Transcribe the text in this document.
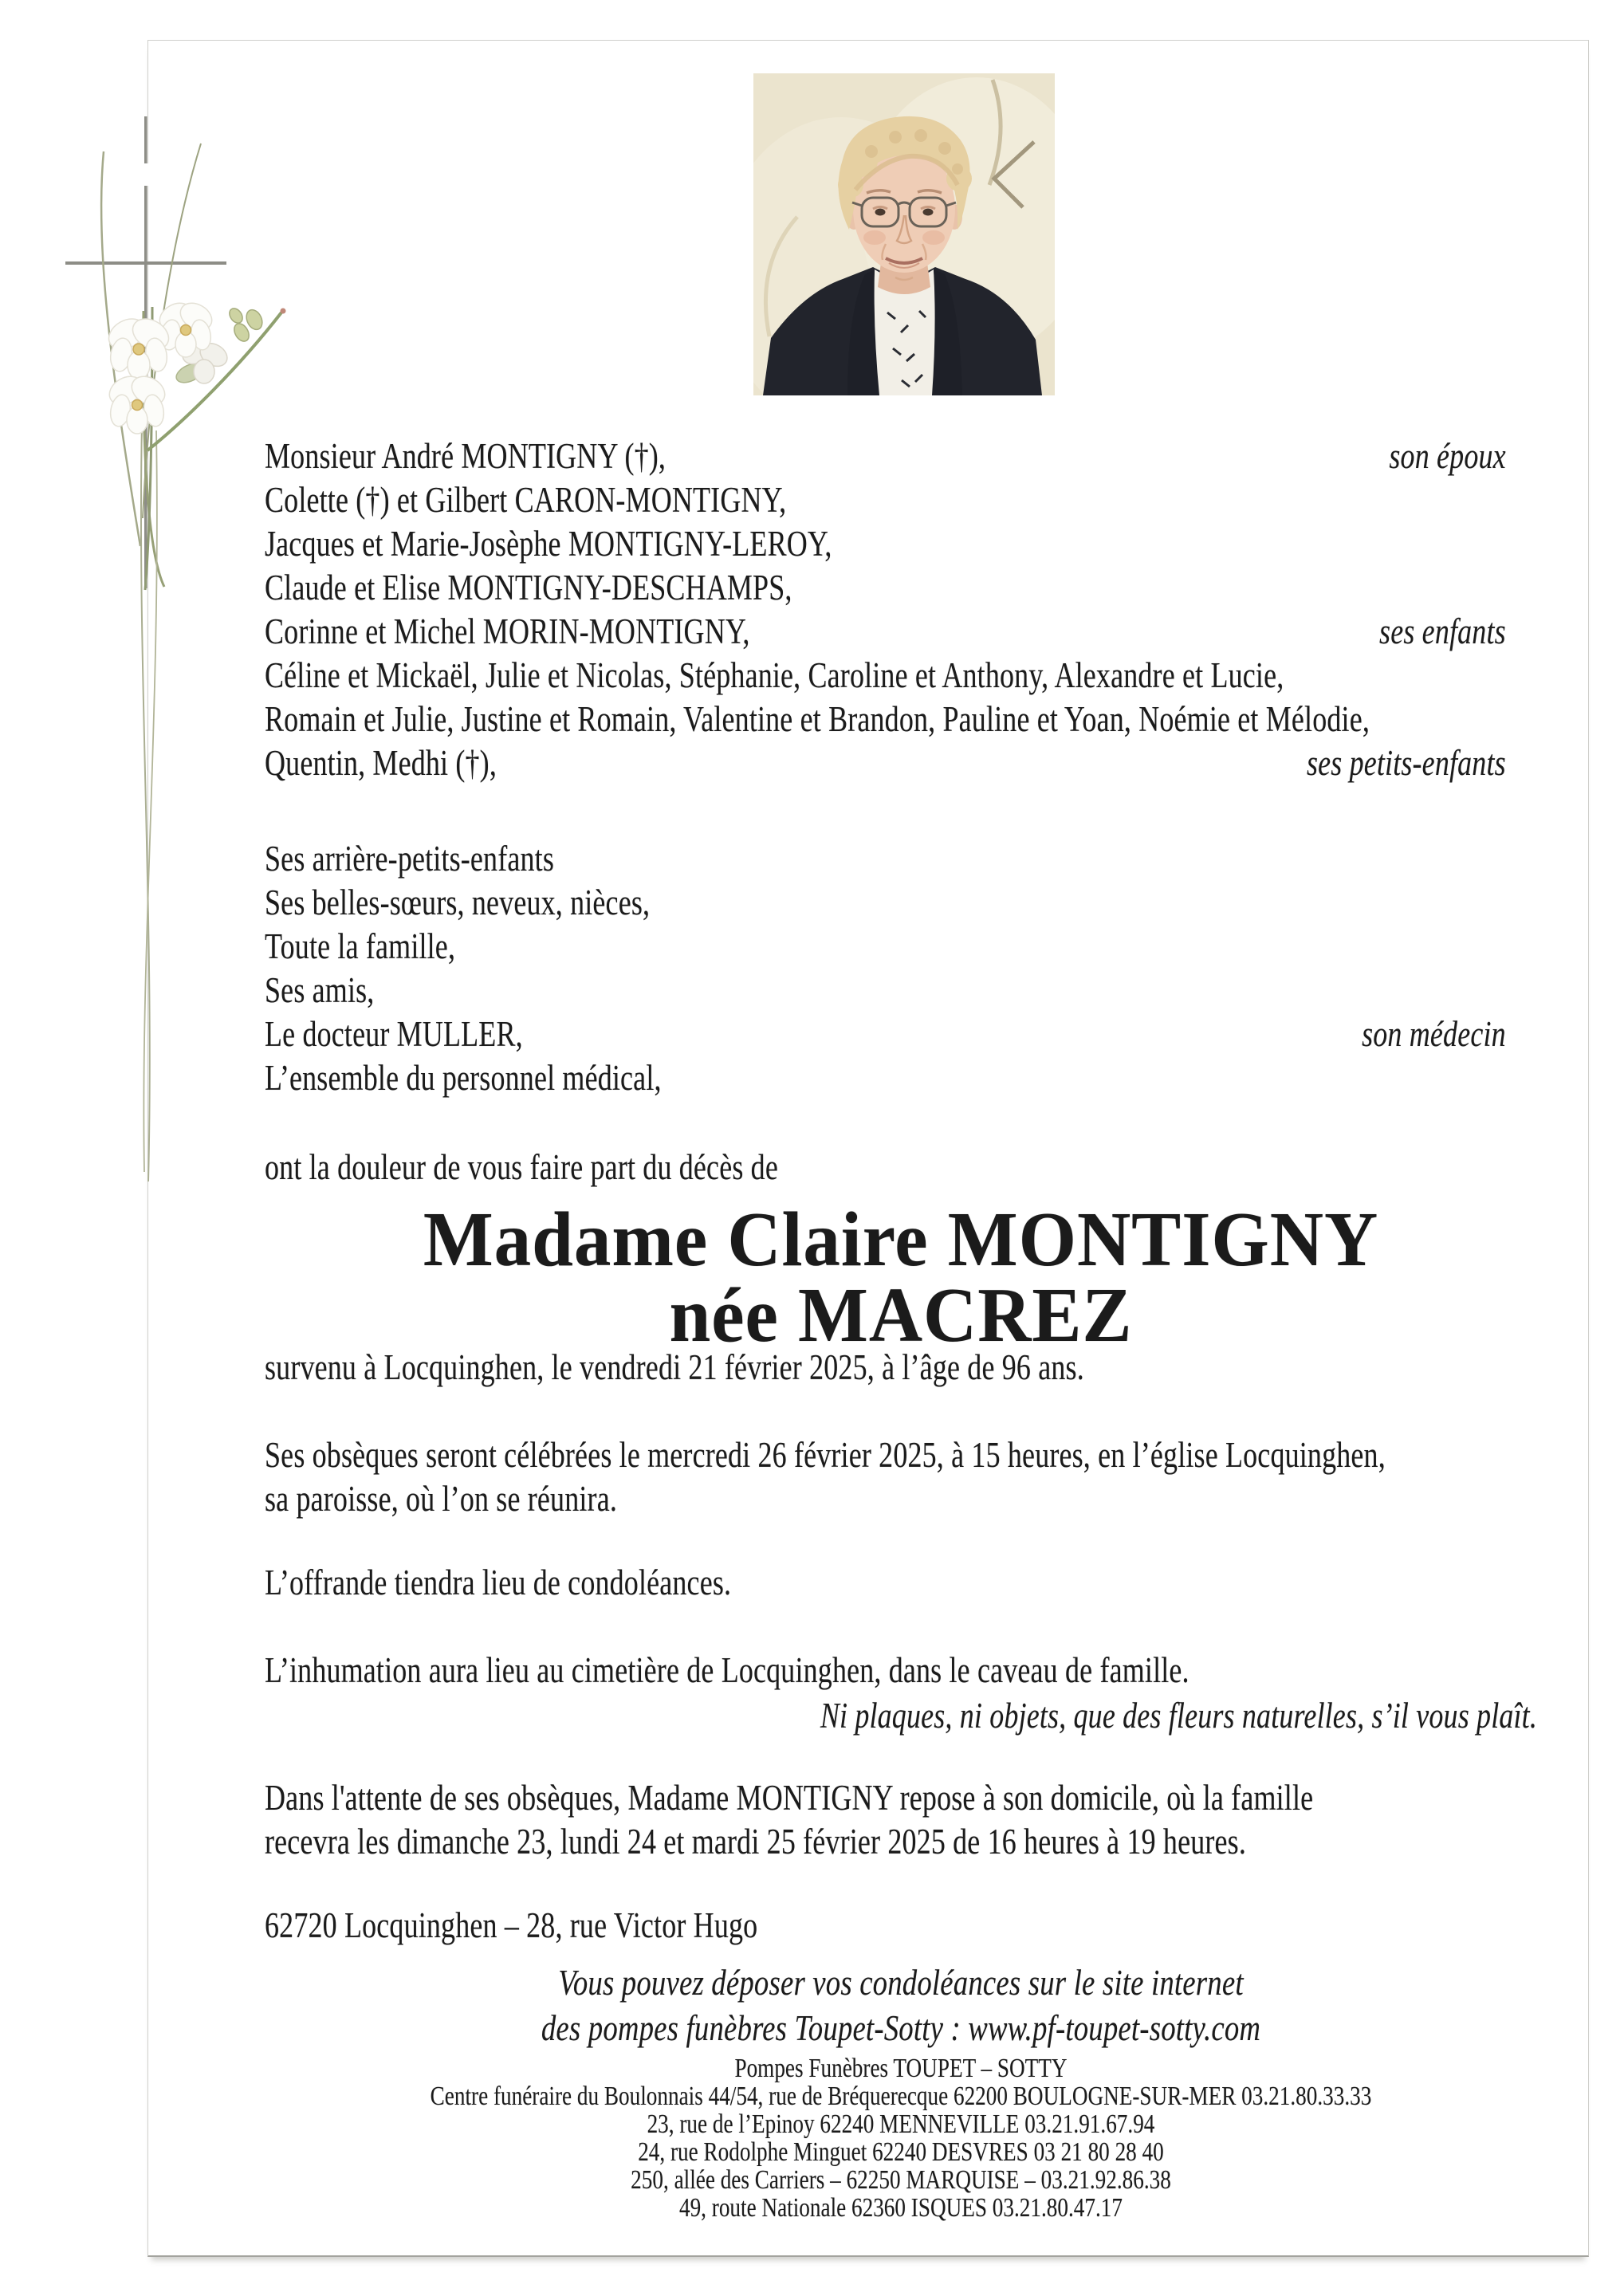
Monsieur André MONTIGNY (†),	son époux
Colette (†) et Gilbert CARON-MONTIGNY,
Jacques et Marie-Josèphe MONTIGNY-LEROY,
Claude et Elise MONTIGNY-DESCHAMPS,
Corinne et Michel MORIN-MONTIGNY,	ses enfants
Céline et Mickaël, Julie et Nicolas, Stéphanie, Caroline et Anthony, Alexandre et Lucie,
Romain et Julie, Justine et Romain, Valentine et Brandon, Pauline et Yoan, Noémie et Mélodie,
Quentin, Medhi (†),	ses petits-enfants
Ses arrière-petits-enfants
Ses belles-sœurs, neveux, nièces,
Toute la famille,
Ses amis,
Le docteur MULLER,	son médecin
L’ensemble du personnel médical,
ont la douleur de vous faire part du décès de
Madame Claire MONTIGNY
née MACREZ
survenu à Locquinghen, le vendredi 21 février 2025, à l’âge de 96 ans.
Ses obsèques seront célébrées le mercredi 26 février 2025, à 15 heures, en l’église Locquinghen,
sa paroisse, où l’on se réunira.
L’offrande tiendra lieu de condoléances.
L’inhumation aura lieu au cimetière de Locquinghen, dans le caveau de famille.
Ni plaques, ni objets, que des fleurs naturelles, s’il vous plaît.
Dans l'attente de ses obsèques, Madame MONTIGNY repose à son domicile, où la famille
recevra les dimanche 23, lundi 24 et mardi 25 février 2025 de 16 heures à 19 heures.
62720 Locquinghen – 28, rue Victor Hugo
Vous pouvez déposer vos condoléances sur le site internet
des pompes funèbres Toupet-Sotty : www.pf-toupet-sotty.com
Pompes Funèbres TOUPET – SOTTY
Centre funéraire du Boulonnais 44/54, rue de Bréquerecque 62200 BOULOGNE-SUR-MER 03.21.80.33.33
23, rue de l’Epinoy 62240 MENNEVILLE 03.21.91.67.94
24, rue Rodolphe Minguet 62240 DESVRES 03 21 80 28 40
250, allée des Carriers – 62250 MARQUISE – 03.21.92.86.38
49, route Nationale 62360 ISQUES 03.21.80.47.17
